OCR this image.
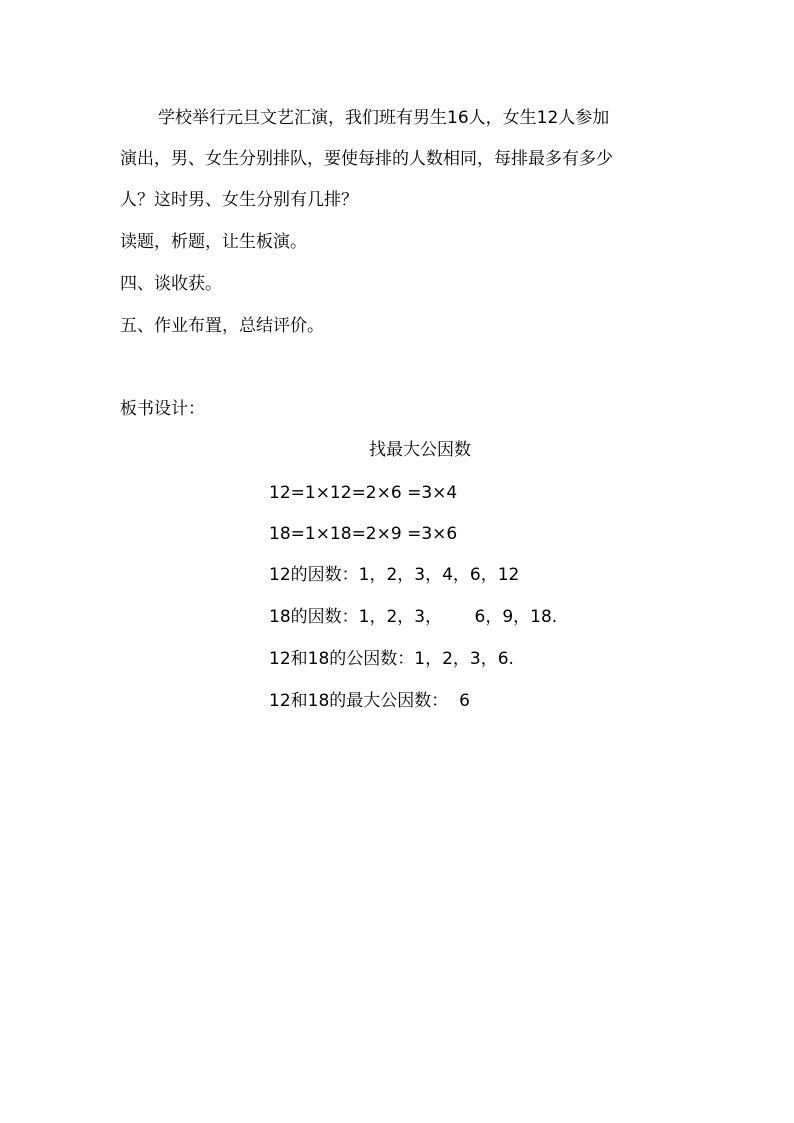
学校举行元旦文艺汇演，我们班有男生16人，女生12人参加
演出，男、女生分别排队，要使每排的人数相同，每排最多有多少
人？这时男、女生分别有几排？
读题，析题，让生板演。
四、谈收获。
五、作业布置，总结评价。
板书设计：
找最大公因数
12=1×12=2×6 =3×4
18=1×18=2×9 =3×6
12的因数：1，2，3，4，6，12
18的因数：1，2，3，      6，9，18.
12和18的公因数：1，2，3，6.
12和18的最大公因数：  6
